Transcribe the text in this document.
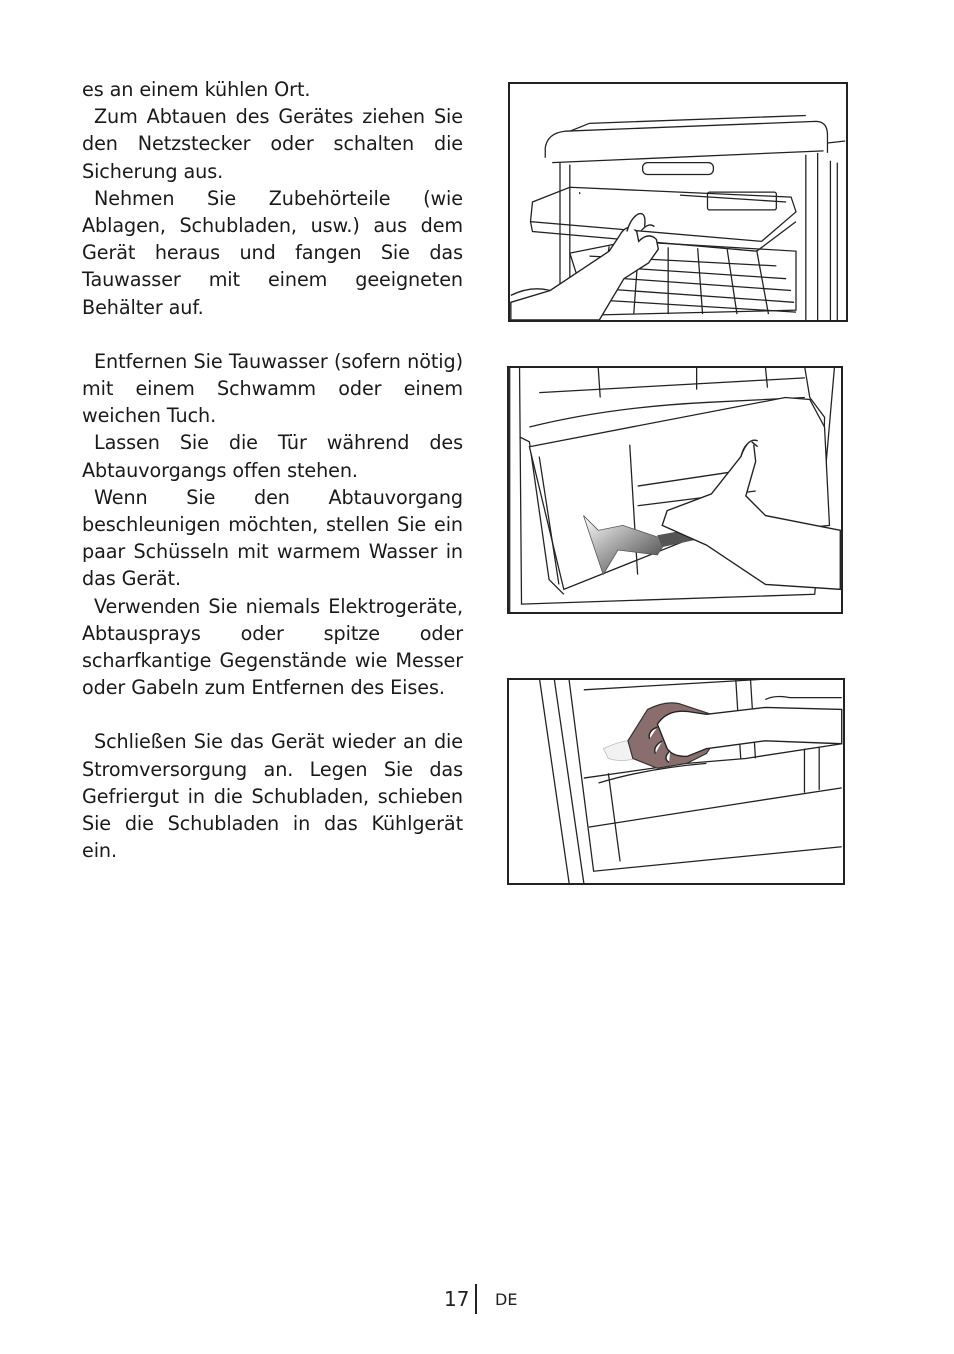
es an einem kühlen Ort.

Zum Abtauen des Gerätes ziehen Sie den Netzstecker oder schalten die Sicherung aus.

Nehmen Sie Zubehörteile (wie Ablagen, Schubladen, usw.) aus dem Gerät heraus und fangen Sie das Tauwasser mit einem geeigneten Behälter auf.

Entfernen Sie Tauwasser (sofern nötig) mit einem Schwamm oder einem weichen Tuch.

Lassen Sie die Tür während des Abtauvorgangs offen stehen.

Wenn Sie den Abtauvorgang beschleunigen möchten, stellen Sie ein paar Schüsseln mit warmem Wasser in das Gerät.

Verwenden Sie niemals Elektrogeräte, Abtausprays oder spitze oder scharfkantige Gegenstände wie Messer oder Gabeln zum Entfernen des Eises.

Schließen Sie das Gerät wieder an die Stromversorgung an. Legen Sie das Gefriergut in die Schubladen, schieben Sie die Schubladen in das Kühlgerät ein.

17 DE
